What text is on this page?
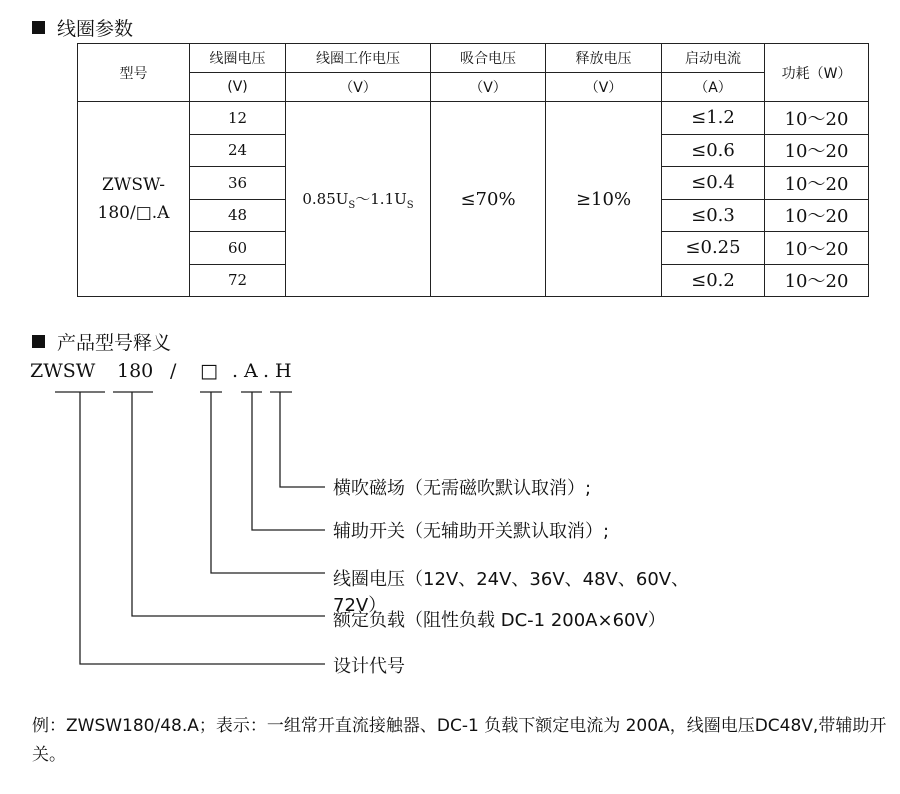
线圈参数
型号	线圈电压	线圈工作电压	吸合电压	释放电压	启动电流	功耗（W）
	(V)	（V）	（V）	（V）	（A）	

ZWSW-
180/□.A	12	$0.85U_S\sim 1.1U_S$	≤70%	≥10%	≤1.2	10～20
	24				≤0.6	10～20
	36				≤0.4	10～20
	48				≤0.3	10～20
	60				≤0.25	10～20
	72				≤0.2	10～20
产品型号释义
ZWSW 180 / □ . A . H
横吹磁场（无需磁吹默认取消）;
辅助开关（无辅助开关默认取消）;
线圈电压（12V、24V、36V、48V、60V、
72V）
额定负载（阻性负载 DC-1 200A×60V）
设计代号
例：ZWSW180/48.A；表示：一组常开直流接触器、DC-1 负载下额定电流为 200A，线圈电压DC48V,带辅助开关。
